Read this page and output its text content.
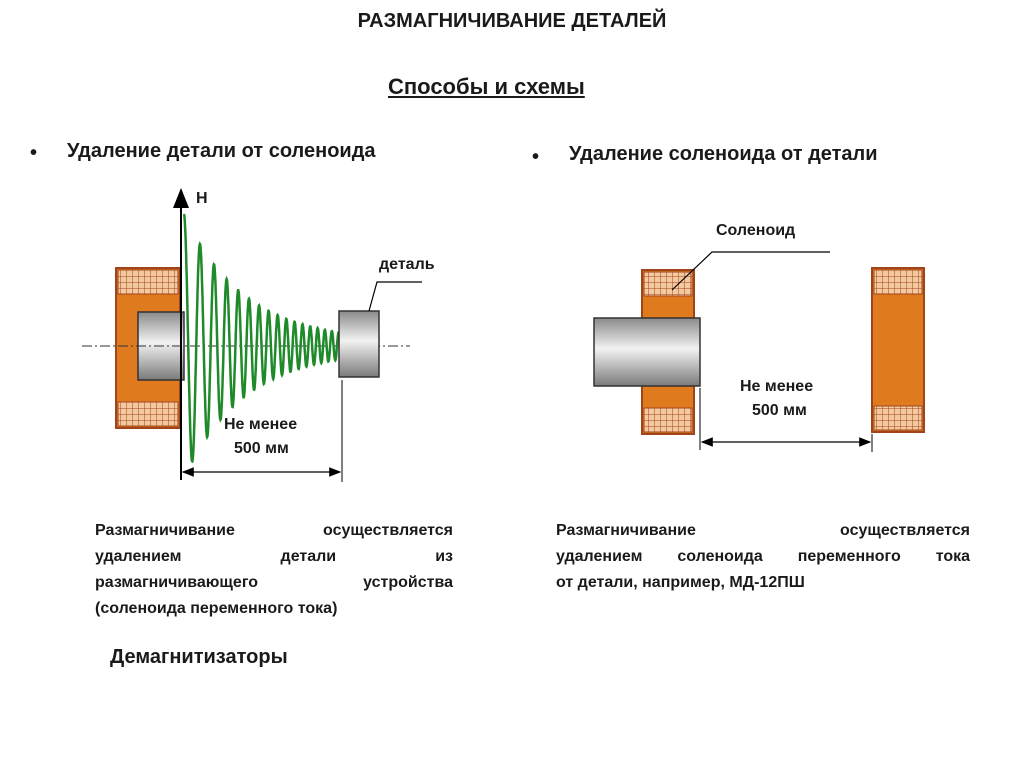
РАЗМАГНИЧИВАНИЕ ДЕТАЛЕЙ
Способы и схемы
• Удаление детали от соленоида	• Удаление соленоида от детали
Н
деталь
Не менее
500 мм
Соленоид
Не менее
500 мм
Размагничивание осуществляется
удалением детали из
размагничивающего устройства
(соленоида переменного тока)
Демагнитизаторы
Размагничивание осуществляется
удалением соленоида переменного тока
от детали, например, МД-12ПШ
